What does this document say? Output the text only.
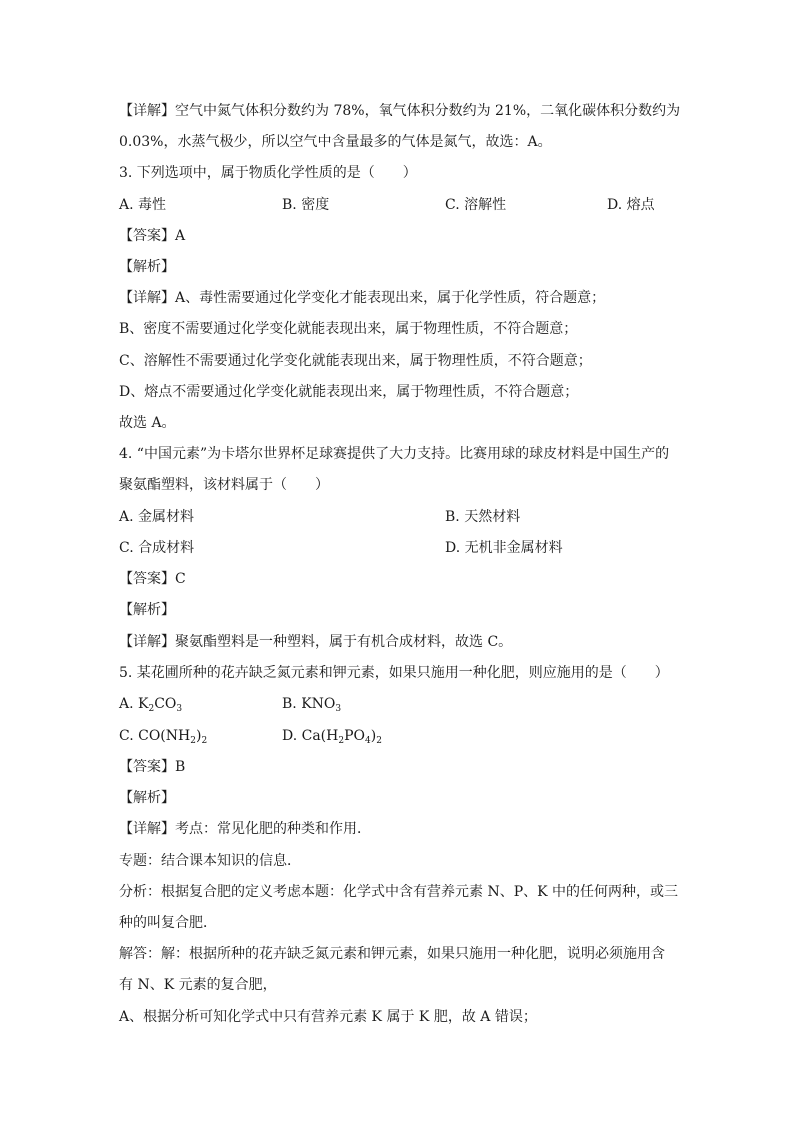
【详解】空气中氮气体积分数约为 78%，氧气体积分数约为 21%，二氧化碳体积分数约为
0.03%，水蒸气极少，所以空气中含量最多的气体是氮气，故选：A。
3. 下列选项中，属于物质化学性质的是（　　）
A. 毒性	B. 密度	C. 溶解性	D. 熔点
【答案】A
【解析】
【详解】A、毒性需要通过化学变化才能表现出来，属于化学性质，符合题意；
B、密度不需要通过化学变化就能表现出来，属于物理性质，不符合题意；
C、溶解性不需要通过化学变化就能表现出来，属于物理性质，不符合题意；
D、熔点不需要通过化学变化就能表现出来，属于物理性质，不符合题意；
故选 A。
4. “中国元素”为卡塔尔世界杯足球赛提供了大力支持。比赛用球的球皮材料是中国生产的
聚氨酯塑料，该材料属于（　　）
A. 金属材料	B. 天然材料
C. 合成材料	D. 无机非金属材料
【答案】C
【解析】
【详解】聚氨酯塑料是一种塑料，属于有机合成材料，故选 C。
5. 某花圃所种的花卉缺乏氮元素和钾元素，如果只施用一种化肥，则应施用的是（　　）
A. $K_2CO_3$	B. $KNO_3$
C. $CO(NH_2)_2$	D. $Ca(H_2PO_4)_2$
【答案】B
【解析】
【详解】考点：常见化肥的种类和作用．
专题：结合课本知识的信息．
分析：根据复合肥的定义考虑本题：化学式中含有营养元素 N、P、K 中的任何两种，或三
种的叫复合肥．
解答：解：根据所种的花卉缺乏氮元素和钾元素，如果只施用一种化肥，说明必须施用含
有 N、K 元素的复合肥，
A、根据分析可知化学式中只有营养元素 K 属于 K 肥，故 A 错误；
